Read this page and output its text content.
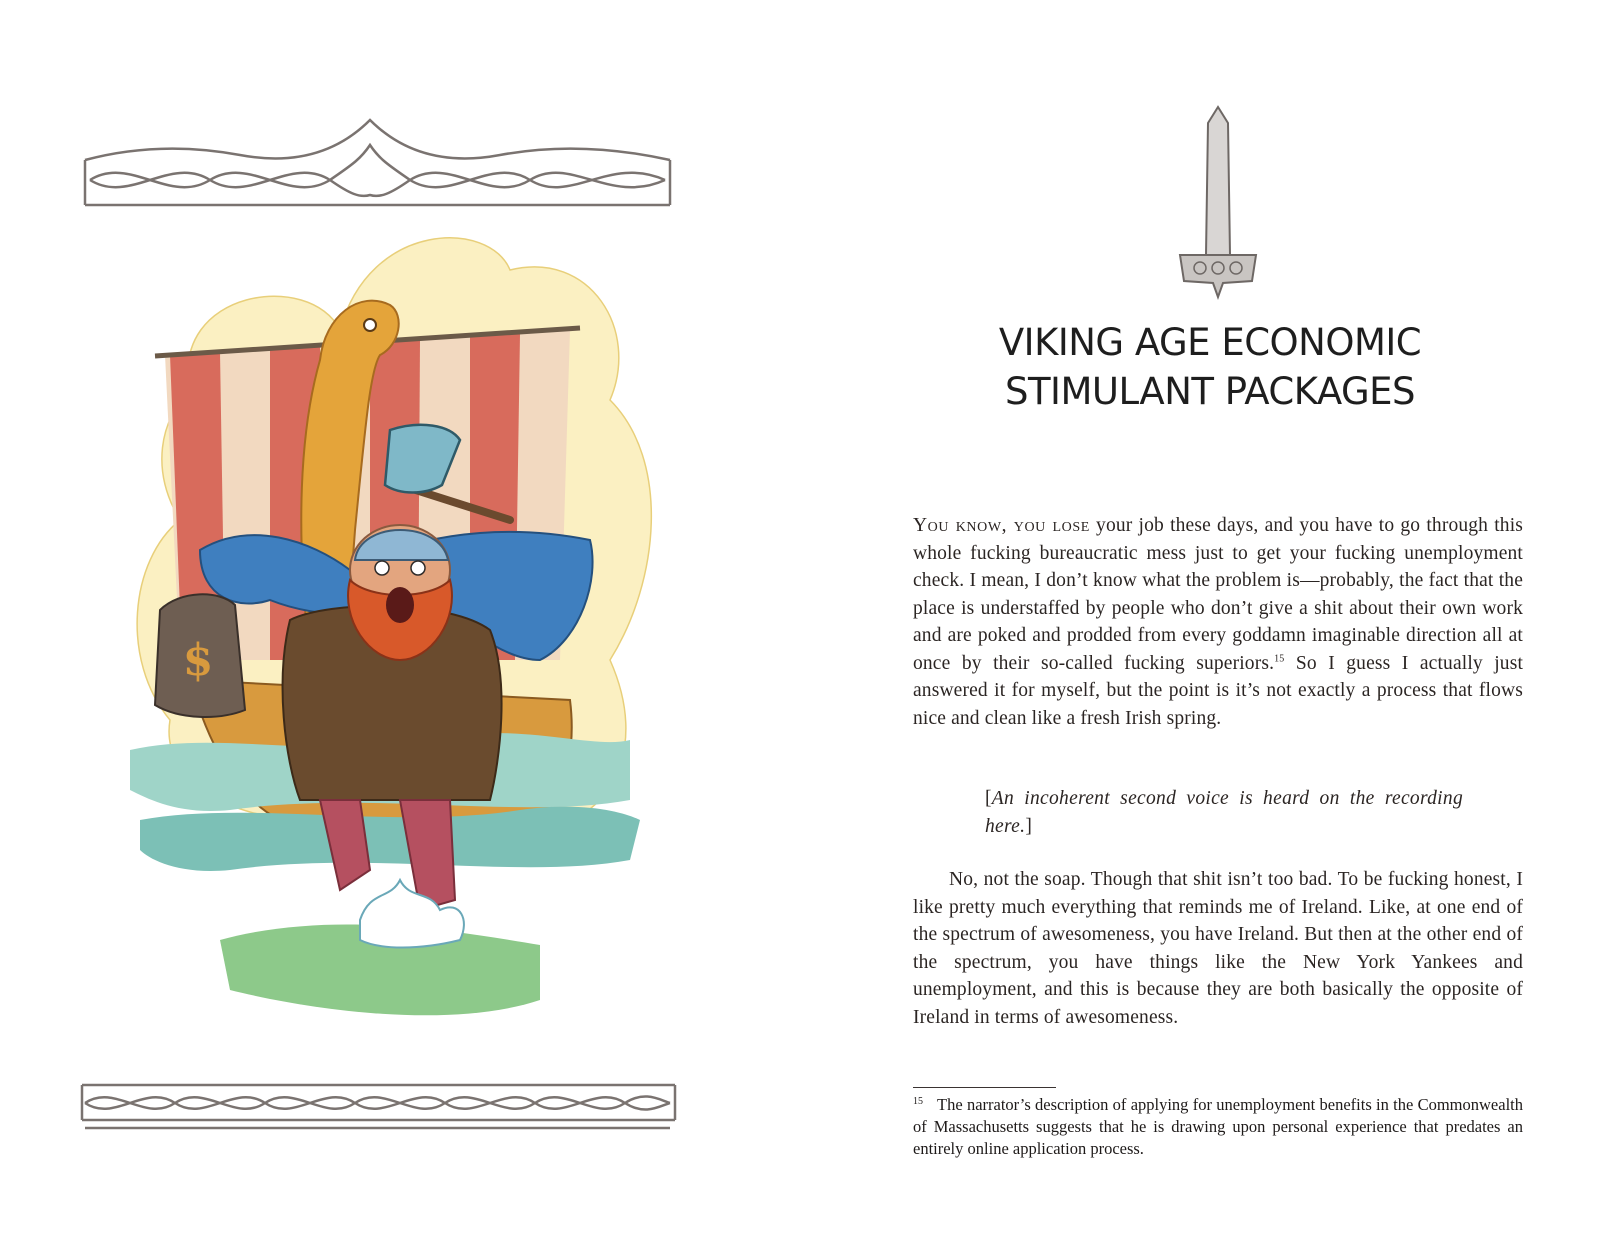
$
VIKING AGE ECONOMIC
STIMULANT PACKAGES

You know, you lose your job these days, and you have to go through this whole fucking bureaucratic mess just to get your fucking unemployment check. I mean, I don’t know what the problem is—probably, the fact that the place is understaffed by people who don’t give a shit about their own work and are poked and prodded from every goddamn imaginable direction all at once by their so-called fucking superiors.$^{15}$ So I guess I actually just answered it for myself, but the point is it’s not exactly a process that flows nice and clean like a fresh Irish spring.

[An incoherent second voice is heard on the recording here.]

No, not the soap. Though that shit isn’t too bad. To be fucking honest, I like pretty much everything that reminds me of Ireland. Like, at one end of the spectrum of awesomeness, you have Ireland. But then at the other end of the spectrum, you have things like the New York Yankees and unemployment, and this is because they are both basically the opposite of Ireland in terms of awesomeness.

$^{15}$ The narrator’s description of applying for unemployment benefits in the Commonwealth of Massachusetts suggests that he is drawing upon personal experience that predates an entirely online application process.
